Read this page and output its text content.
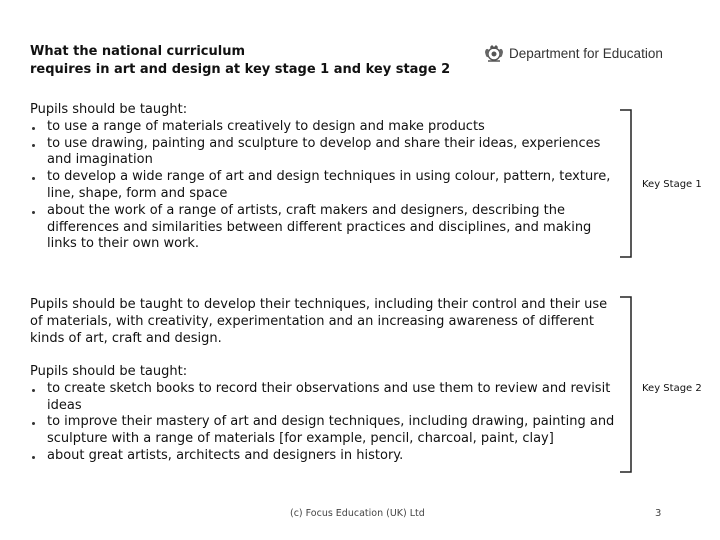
What the national curriculum
requires in art and design at key stage 1 and key stage 2
Department for Education

Pupils should be taught:

to use a range of materials creatively to design and make products
to use drawing, painting and sculpture to develop and share their ideas, experiences and imagination
to develop a wide range of art and design techniques in using colour, pattern, texture, line, shape, form and space
about the work of a range of artists, craft makers and designers, describing the differences and similarities between different practices and disciplines, and making links to their own work.
Key Stage 1

Pupils should be taught to develop their techniques, including their control and their use of materials, with creativity, experimentation and an increasing awareness of different kinds of art, craft and design.

Pupils should be taught:

to create sketch books to record their observations and use them to review and revisit ideas
to improve their mastery of art and design techniques, including drawing, painting and sculpture with a range of materials [for example, pencil, charcoal, paint, clay]
about great artists, architects and designers in history.
Key Stage 2
(c) Focus Education (UK) Ltd	3
